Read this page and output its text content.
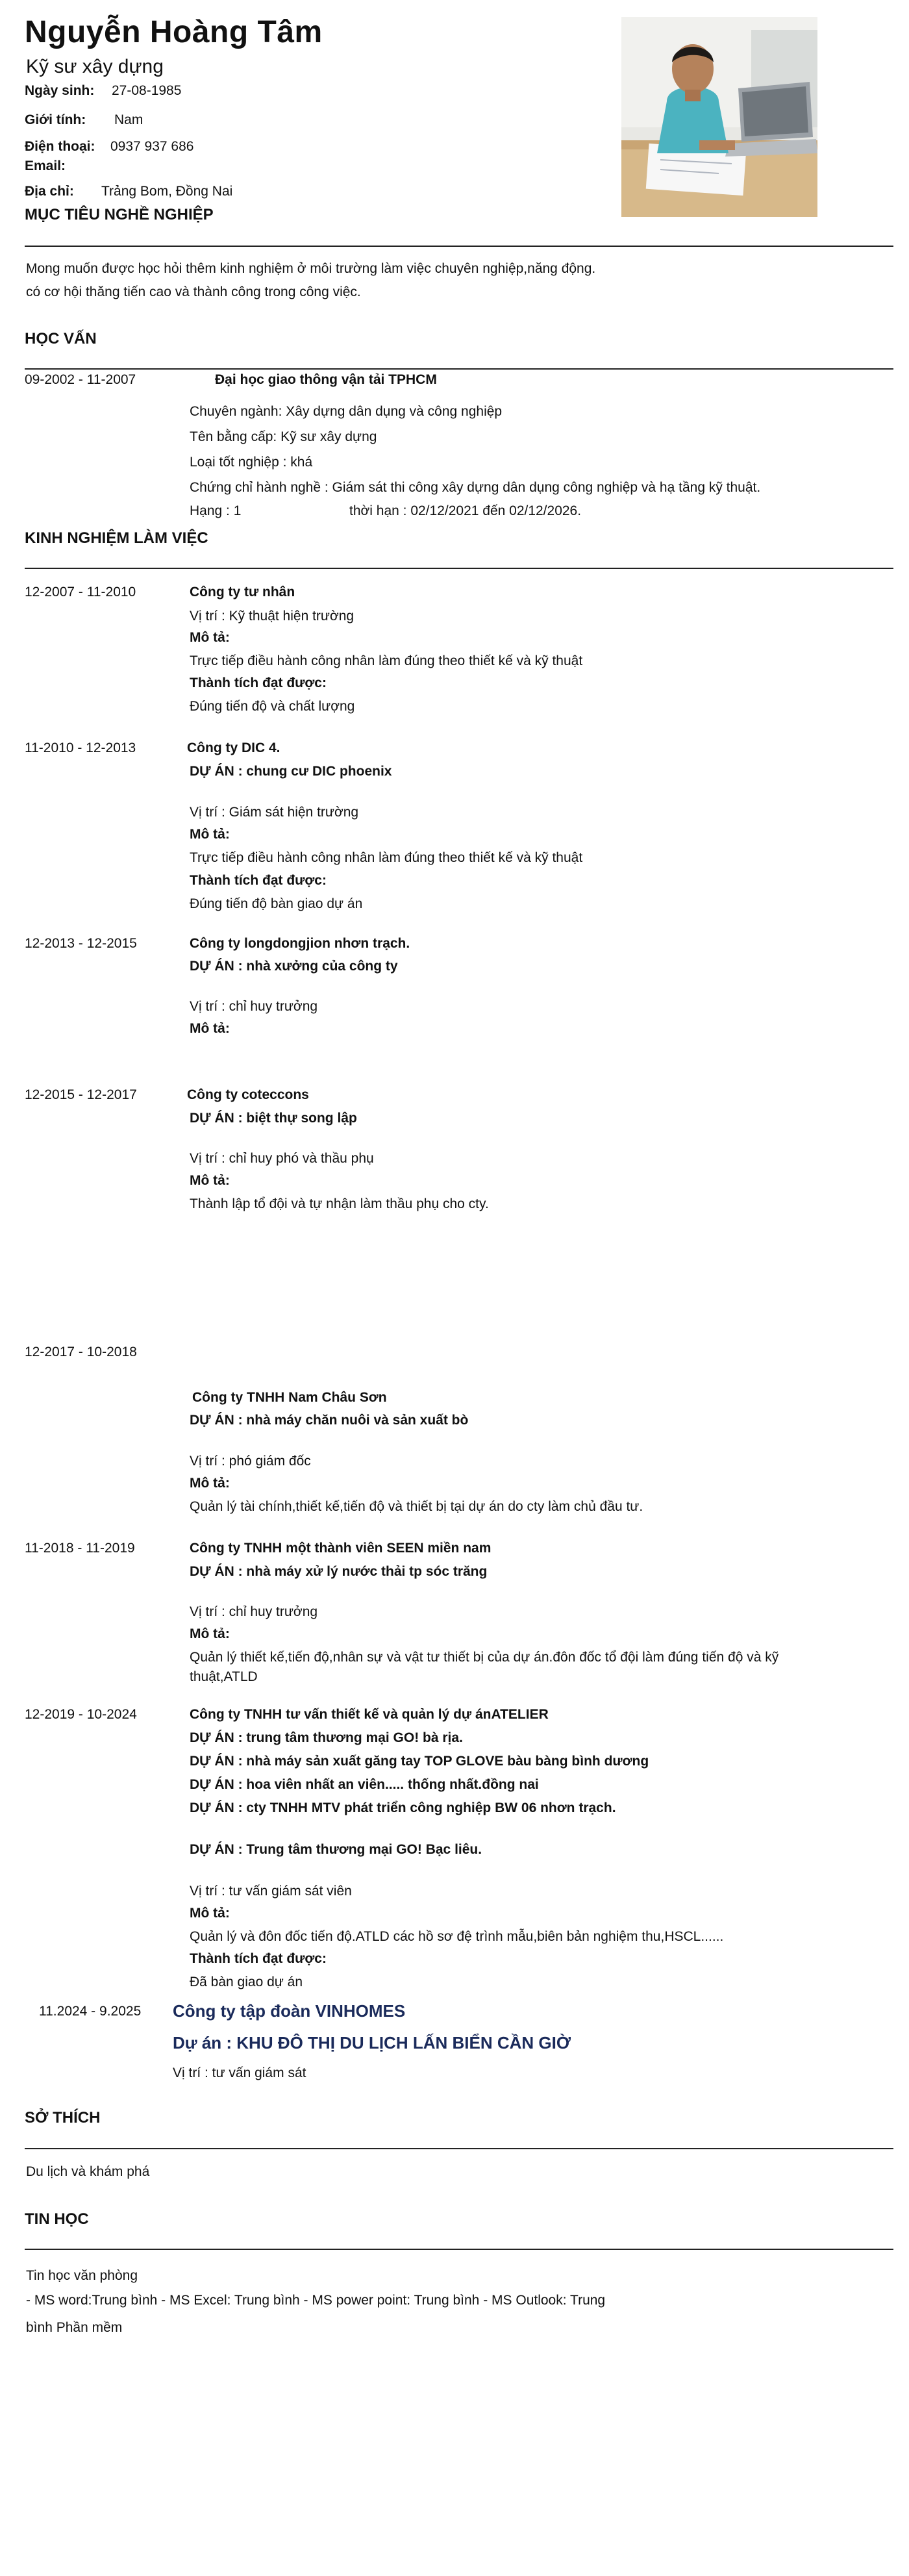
Nguyễn Hoàng Tâm
Kỹ sư xây dựng
Ngày sinh: 27-08-1985
Giới tính: Nam
Điện thoại: 0937 937 686
Email:
Địa chỉ: Trảng Bom, Đồng Nai
MỤC TIÊU NGHỀ NGHIỆP
Mong muốn được học hỏi thêm kinh nghiệm ở môi trường làm việc chuyên nghiệp,năng động.
có cơ hội thăng tiến cao và thành công trong công việc.
HỌC VẤN
09-2002 - 11-2007	Đại học giao thông vận tải TPHCM
Chuyên ngành: Xây dựng dân dụng và công nghiệp
Tên bằng cấp: Kỹ sư xây dựng
Loại tốt nghiệp : khá
Chứng chỉ hành nghề : Giám sát thi công xây dựng dân dụng công nghiệp và hạ tầng kỹ thuật.
Hạng : 1	thời hạn : 02/12/2021 đến 02/12/2026.
KINH NGHIỆM LÀM VIỆC
12-2007 - 11-2010	Công ty tư nhân
Vị trí : Kỹ thuật hiện trường
Mô tả:
Trực tiếp điều hành công nhân làm đúng theo thiết kế và kỹ thuật
Thành tích đạt được:
Đúng tiến độ và chất lượng
11-2010 - 12-2013	Công ty DIC 4.
DỰ ÁN : chung cư DIC phoenix
Vị trí : Giám sát hiện trường
Mô tả:
Trực tiếp điều hành công nhân làm đúng theo thiết kế và kỹ thuật
Thành tích đạt được:
Đúng tiến độ bàn giao dự án
12-2013 - 12-2015	Công ty longdongjion nhơn trạch.
DỰ ÁN : nhà xưởng của công ty
Vị trí : chỉ huy trưởng
Mô tả:
12-2015 - 12-2017	Công ty coteccons
DỰ ÁN : biệt thự song lập
Vị trí : chỉ huy phó và thầu phụ
Mô tả:
Thành lập tổ đội và tự nhận làm thầu phụ cho cty.
12-2017 - 10-2018
Công ty TNHH Nam Châu Sơn
DỰ ÁN : nhà máy chăn nuôi và sản xuất bò
Vị trí : phó giám đốc
Mô tả:
Quản lý tài chính,thiết kế,tiến độ và thiết bị tại dự án do cty làm chủ đầu tư.
11-2018 - 11-2019	Công ty TNHH một thành viên SEEN miền nam
DỰ ÁN : nhà máy xử lý nước thải tp sóc trăng
Vị trí : chỉ huy trưởng
Mô tả:
Quản lý thiết kế,tiến độ,nhân sự và vật tư thiết bị của dự án.đôn đốc tổ đội làm đúng tiến độ và kỹ
thuật,ATLD
12-2019 - 10-2024	Công ty TNHH tư vấn thiết kế và quản lý dự ánATELIER
DỰ ÁN : trung tâm thương mại GO! bà rịa.
DỰ ÁN : nhà máy sản xuất găng tay TOP GLOVE bàu bàng bình dương
DỰ ÁN : hoa viên nhất an viên..... thống nhất.đồng nai
DỰ ÁN : cty TNHH MTV phát triển công nghiệp BW 06 nhơn trạch.
DỰ ÁN : Trung tâm thương mại GO! Bạc liêu.
Vị trí : tư vấn giám sát viên
Mô tả:
Quản lý và đôn đốc tiến độ.ATLD các hồ sơ đệ trình mẫu,biên bản nghiệm thu,HSCL......
Thành tích đạt được:
Đã bàn giao dự án
11.2024 - 9.2025 Công ty tập đoàn VINHOMES
Dự án : KHU ĐÔ THỊ DU LỊCH LẤN BIỂN CẦN GIỜ
Vị trí : tư vấn giám sát
SỞ THÍCH
Du lịch và khám phá
TIN HỌC
Tin học văn phòng
- MS word:Trung bình - MS Excel: Trung bình - MS power point: Trung bình - MS Outlook: Trung
bình Phần mềm
